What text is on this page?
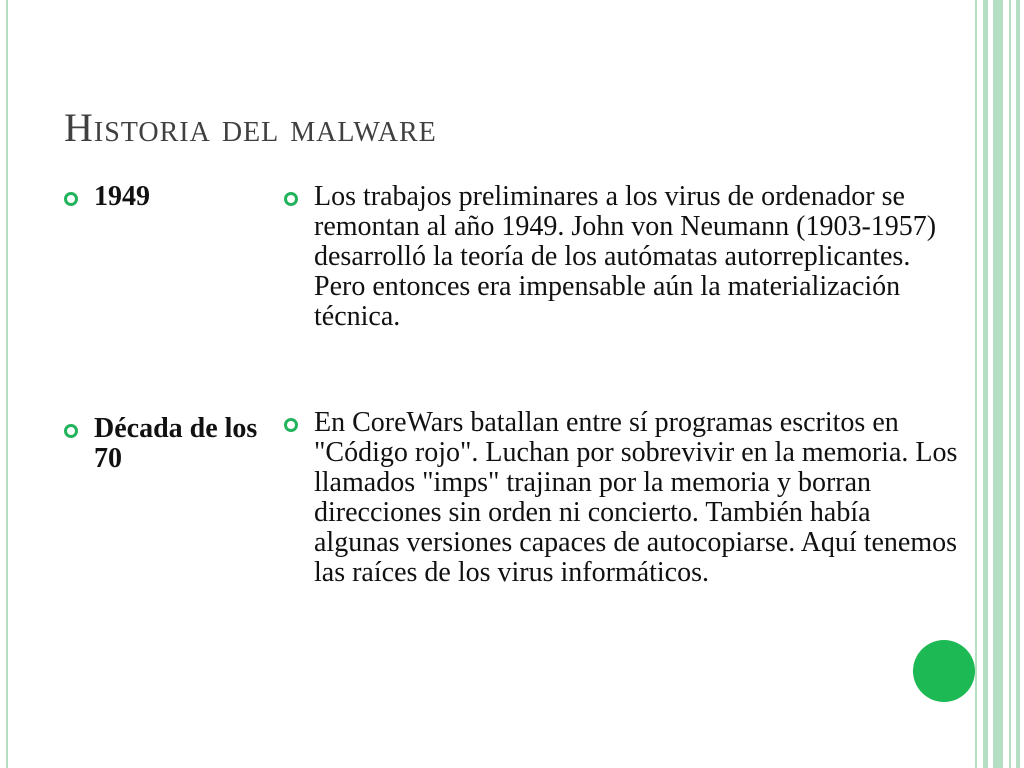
Historia del malware
1949
Década de los 70
Los trabajos preliminares a los virus de ordenador se remontan al año 1949. John von Neumann (1903-1957) desarrolló la teoría de los autómatas autorreplicantes. Pero entonces era impensable aún la materialización técnica.
En CoreWars batallan entre sí programas escritos en "Código rojo". Luchan por sobrevivir en la memoria. Los llamados "imps" trajinan por la memoria y borran direcciones sin orden ni concierto. También había algunas versiones capaces de autocopiarse. Aquí tenemos las raíces de los virus informáticos.
